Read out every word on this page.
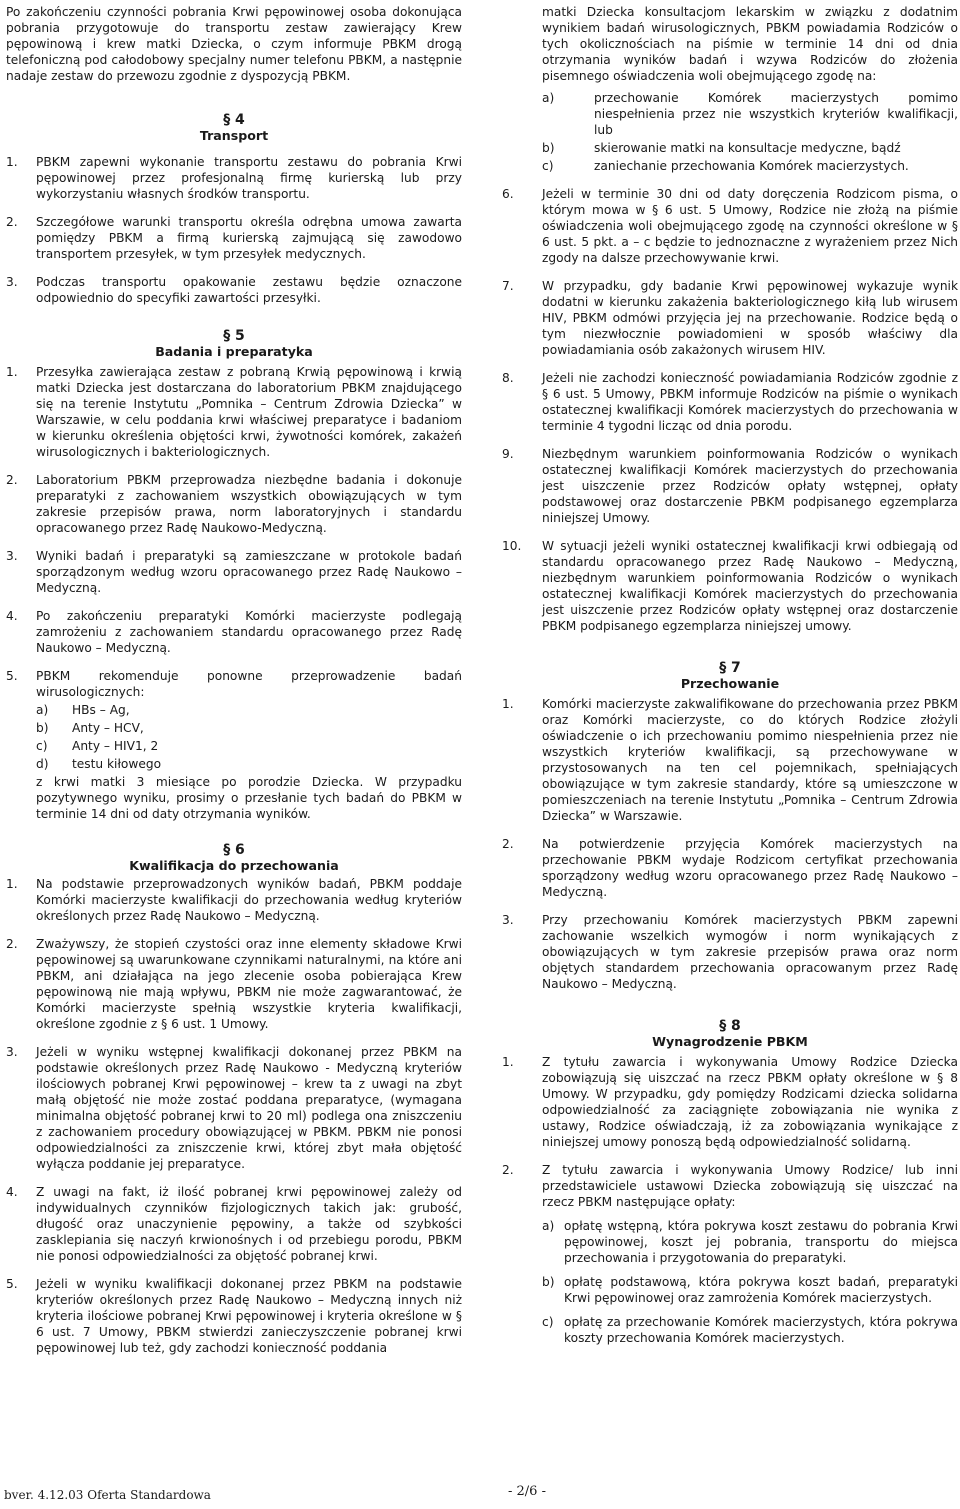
Po zakończeniu czynności pobrania Krwi pępowinowej osoba dokonująca pobrania przygotowuje do transportu zestaw zawierający Krew pępowinową i krew matki Dziecka, o czym informuje PBKM drogą telefoniczną pod całodobowy specjalny numer telefonu PBKM, a następnie nadaje zestaw do przewozu zgodnie z dyspozycją PBKM.

§ 4

Transport

1.	PBKM zapewni wykonanie transportu zestawu do pobrania Krwi pępowinowej przez profesjonalną firmę kurierską lub przy wykorzystaniu własnych środków transportu.
2.	Szczegółowe warunki transportu określa odrębna umowa zawarta pomiędzy PBKM a firmą kurierską zajmującą się zawodowo transportem przesyłek, w tym przesyłek medycznych.
3.	Podczas transportu opakowanie zestawu będzie oznaczone odpowiednio do specyfiki zawartości przesyłki.

§ 5

Badania i preparatyka

1.	Przesyłka zawierająca zestaw z pobraną Krwią pępowinową i krwią matki Dziecka jest dostarczana do laboratorium PBKM znajdującego się na terenie Instytutu „Pomnika – Centrum Zdrowia Dziecka” w Warszawie, w celu poddania krwi właściwej preparatyce i badaniom w kierunku określenia objętości krwi, żywotności komórek, zakażeń wirusologicznych i bakteriologicznych.
2.	Laboratorium PBKM przeprowadza niezbędne badania i dokonuje preparatyki z zachowaniem wszystkich obowiązujących w tym zakresie przepisów prawa, norm laboratoryjnych i standardu opracowanego przez Radę Naukowo-Medyczną.
3.	Wyniki badań i preparatyki są zamieszczane w protokole badań sporządzonym według wzoru opracowanego przez Radę Naukowo – Medyczną.
4.	Po zakończeniu preparatyki Komórki macierzyste podlegają zamrożeniu z zachowaniem standardu opracowanego przez Radę Naukowo – Medyczną.
5.	PBKM rekomenduje ponowne przeprowadzenie badań wirusologicznych:

a)	HBs – Ag,
b)	Anty – HCV,
c)	Anty – HIV1, 2
d)	testu kiłowego

z krwi matki 3 miesiące po porodzie Dziecka. W przypadku pozytywnego wyniku, prosimy o przesłanie tych badań do PBKM w terminie 14 dni od daty otrzymania wyników.

§ 6

Kwalifikacja do przechowania

1.	Na podstawie przeprowadzonych wyników badań, PBKM poddaje Komórki macierzyste kwalifikacji do przechowania według kryteriów określonych przez Radę Naukowo – Medyczną.
2.	Zważywszy, że stopień czystości oraz inne elementy składowe Krwi pępowinowej są uwarunkowane czynnikami naturalnymi, na które ani PBKM, ani działająca na jego zlecenie osoba pobierająca Krew pępowinową nie mają wpływu, PBKM nie może zagwarantować, że Komórki macierzyste spełnią wszystkie kryteria kwalifikacji, określone zgodnie z § 6 ust. 1 Umowy.
3.	Jeżeli w wyniku wstępnej kwalifikacji dokonanej przez PBKM na podstawie określonych przez Radę Naukowo - Medyczną kryteriów ilościowych pobranej Krwi pępowinowej – krew ta z uwagi na zbyt małą objętość nie może zostać poddana preparatyce, (wymagana minimalna objętość pobranej krwi to 20 ml) podlega ona zniszczeniu z zachowaniem procedury obowiązującej w PBKM. PBKM nie ponosi odpowiedzialności za zniszczenie krwi, której zbyt mała objętość wyłącza poddanie jej preparatyce.
4.	Z uwagi na fakt, iż ilość pobranej krwi pępowinowej zależy od indywidualnych czynników fizjologicznych takich jak: grubość, długość oraz unaczynienie pępowiny, a także od szybkości zasklepiania się naczyń krwionośnych i od przebiegu porodu, PBKM nie ponosi odpowiedzialności za objętość pobranej krwi.
5.	Jeżeli w wyniku kwalifikacji dokonanej przez PBKM na podstawie kryteriów określonych przez Radę Naukowo – Medyczną innych niż kryteria ilościowe pobranej Krwi pępowinowej i kryteria określone w § 6 ust. 7 Umowy, PBKM stwierdzi zanieczyszczenie pobranej krwi pępowinowej lub też, gdy zachodzi konieczność poddania

matki Dziecka konsultacjom lekarskim w związku z dodatnim wynikiem badań wirusologicznych, PBKM powiadamia Rodziców o tych okolicznościach na piśmie w terminie 14 dni od dnia otrzymania wyników badań i wzywa Rodziców do złożenia pisemnego oświadczenia woli obejmującego zgodę na:

a)	przechowanie Komórek macierzystych pomimo niespełnienia przez nie wszystkich kryteriów kwalifikacji, lub
b)	skierowanie matki na konsultacje medyczne, bądź
c)	zaniechanie przechowania Komórek macierzystych.
6.	Jeżeli w terminie 30 dni od daty doręczenia Rodzicom pisma, o którym mowa w § 6 ust. 5 Umowy, Rodzice nie złożą na piśmie oświadczenia woli obejmującego zgodę na czynności określone w § 6 ust. 5 pkt. a – c będzie to jednoznaczne z wyrażeniem przez Nich zgody na dalsze przechowywanie krwi.
7.	W przypadku, gdy badanie Krwi pępowinowej wykazuje wynik dodatni w kierunku zakażenia bakteriologicznego kiłą lub wirusem HIV, PBKM odmówi przyjęcia jej na przechowanie. Rodzice będą o tym niezwłocznie powiadomieni w sposób właściwy dla powiadamiania osób zakażonych wirusem HIV.
8.	Jeżeli nie zachodzi konieczność powiadamiania Rodziców zgodnie z § 6 ust. 5 Umowy, PBKM informuje Rodziców na piśmie o wynikach ostatecznej kwalifikacji Komórek macierzystych do przechowania w terminie 4 tygodni licząc od dnia porodu.
9.	Niezbędnym warunkiem poinformowania Rodziców o wynikach ostatecznej kwalifikacji Komórek macierzystych do przechowania jest uiszczenie przez Rodziców opłaty wstępnej, opłaty podstawowej oraz dostarczenie PBKM podpisanego egzemplarza niniejszej Umowy.
10.	W sytuacji jeżeli wyniki ostatecznej kwalifikacji krwi odbiegają od standardu opracowanego przez Radę Naukowo – Medyczną, niezbędnym warunkiem poinformowania Rodziców o wynikach ostatecznej kwalifikacji Komórek macierzystych do przechowania jest uiszczenie przez Rodziców opłaty wstępnej oraz dostarczenie PBKM podpisanego egzemplarza niniejszej umowy.

§ 7

Przechowanie

1.	Komórki macierzyste zakwalifikowane do przechowania przez PBKM oraz Komórki macierzyste, co do których Rodzice złożyli oświadczenie o ich przechowaniu pomimo niespełnienia przez nie wszystkich kryteriów kwalifikacji, są przechowywane w przystosowanych na ten cel pojemnikach, spełniających obowiązujące w tym zakresie standardy, które są umieszczone w pomieszczeniach na terenie Instytutu „Pomnika – Centrum Zdrowia Dziecka” w Warszawie.
2.	Na potwierdzenie przyjęcia Komórek macierzystych na przechowanie PBKM wydaje Rodzicom certyfikat przechowania sporządzony według wzoru opracowanego przez Radę Naukowo – Medyczną.
3.	Przy przechowaniu Komórek macierzystych PBKM zapewni zachowanie wszelkich wymogów i norm wynikających z obowiązujących w tym zakresie przepisów prawa oraz norm objętych standardem przechowania opracowanym przez Radę Naukowo – Medyczną.

§ 8

Wynagrodzenie PBKM

1.	Z tytułu zawarcia i wykonywania Umowy Rodzice Dziecka zobowiązują się uiszczać na rzecz PBKM opłaty określone w § 8 Umowy. W przypadku, gdy pomiędzy Rodzicami dziecka solidarna odpowiedzialność za zaciągnięte zobowiązania nie wynika z ustawy, Rodzice oświadczają, iż za zobowiązania wynikające z niniejszej umowy ponoszą będą odpowiedzialność solidarną.
2.	Z tytułu zawarcia i wykonywania Umowy Rodzice/ lub inni przedstawiciele ustawowi Dziecka zobowiązują się uiszczać na rzecz PBKM następujące opłaty:
a) opłatę wstępną, która pokrywa koszt zestawu do pobrania Krwi pępowinowej, koszt jej pobrania, transportu do miejsca przechowania i przygotowania do preparatyki.
b) opłatę podstawową, która pokrywa koszt badań, preparatyki Krwi pępowinowej oraz zamrożenia Komórek macierzystych.
c) opłatę za przechowanie Komórek macierzystych, która pokrywa koszty przechowania Komórek macierzystych.
bver. 4.12.03 Oferta Standardowa	- 2/6 -
